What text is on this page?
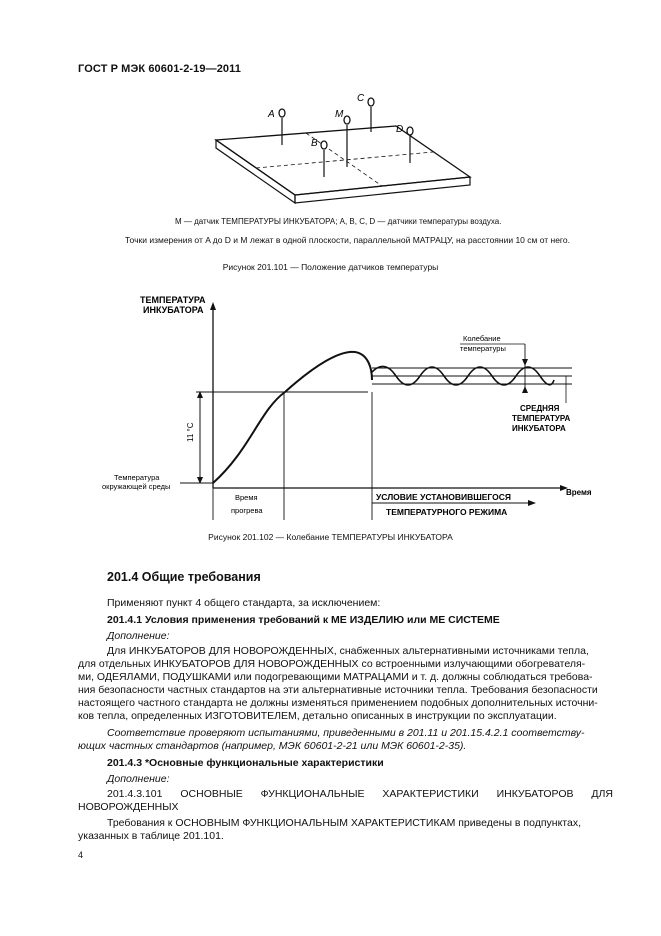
ГОСТ Р МЭК 60601-2-19—2011
A	M
C
B
D
M — датчик ТЕМПЕРАТУРЫ ИНКУБАТОРА; A, B, C, D — датчики температуры воздуха.
Точки измерения от A до D и M лежат в одной плоскости, параллельной МАТРАЦУ, на расстоянии 10 см от него.
Рисунок 201.101 — Положение датчиков температуры
ТЕМПЕРАТУРА
ИНКУБАТОРА
Температура
окружающей среды
11 °C
Время
прогрева
Колебание
температуры
СРЕДНЯЯ
ТЕМПЕРАТУРА
ИНКУБАТОРА
УСЛОВИЕ УСТАНОВИВШЕГОСЯ
ТЕМПЕРАТУРНОГО РЕЖИМА
Время
Рисунок 201.102 — Колебание ТЕМПЕРАТУРЫ ИНКУБАТОРА
201.4 Общие требования
Применяют пункт 4 общего стандарта, за исключением:
201.4.1 Условия применения требований к МЕ ИЗДЕЛИЮ или МЕ СИСТЕМЕ
Дополнение:
Для ИНКУБАТОРОВ ДЛЯ НОВОРОЖДЕННЫХ, снабженных альтернативными источниками тепла,
для отдельных ИНКУБАТОРОВ ДЛЯ НОВОРОЖДЕННЫХ со встроенными излучающими обогревателя-
ми, ОДЕЯЛАМИ, ПОДУШКАМИ или подогревающими МАТРАЦАМИ и т. д. должны соблюдаться требова-
ния безопасности частных стандартов на эти альтернативные источники тепла. Требования безопасности
настоящего частного стандарта не должны изменяться применением подобных дополнительных источни-
ков тепла, определенных ИЗГОТОВИТЕЛЕМ, детально описанных в инструкции по эксплуатации.
Соответствие проверяют испытаниями, приведенными в 201.11 и 201.15.4.2.1 соответству-
ющих частных стандартов (например, МЭК 60601-2-21 или МЭК 60601-2-35).
201.4.3 *Основные функциональные характеристики
Дополнение:
201.4.3.101 ОСНОВНЫЕ ФУНКЦИОНАЛЬНЫЕ ХАРАКТЕРИСТИКИ ИНКУБАТОРОВ ДЛЯ
НОВОРОЖДЕННЫХ
Требования к ОСНОВНЫМ ФУНКЦИОНАЛЬНЫМ ХАРАКТЕРИСТИКАМ приведены в подпунктах,
указанных в таблице 201.101.
4
